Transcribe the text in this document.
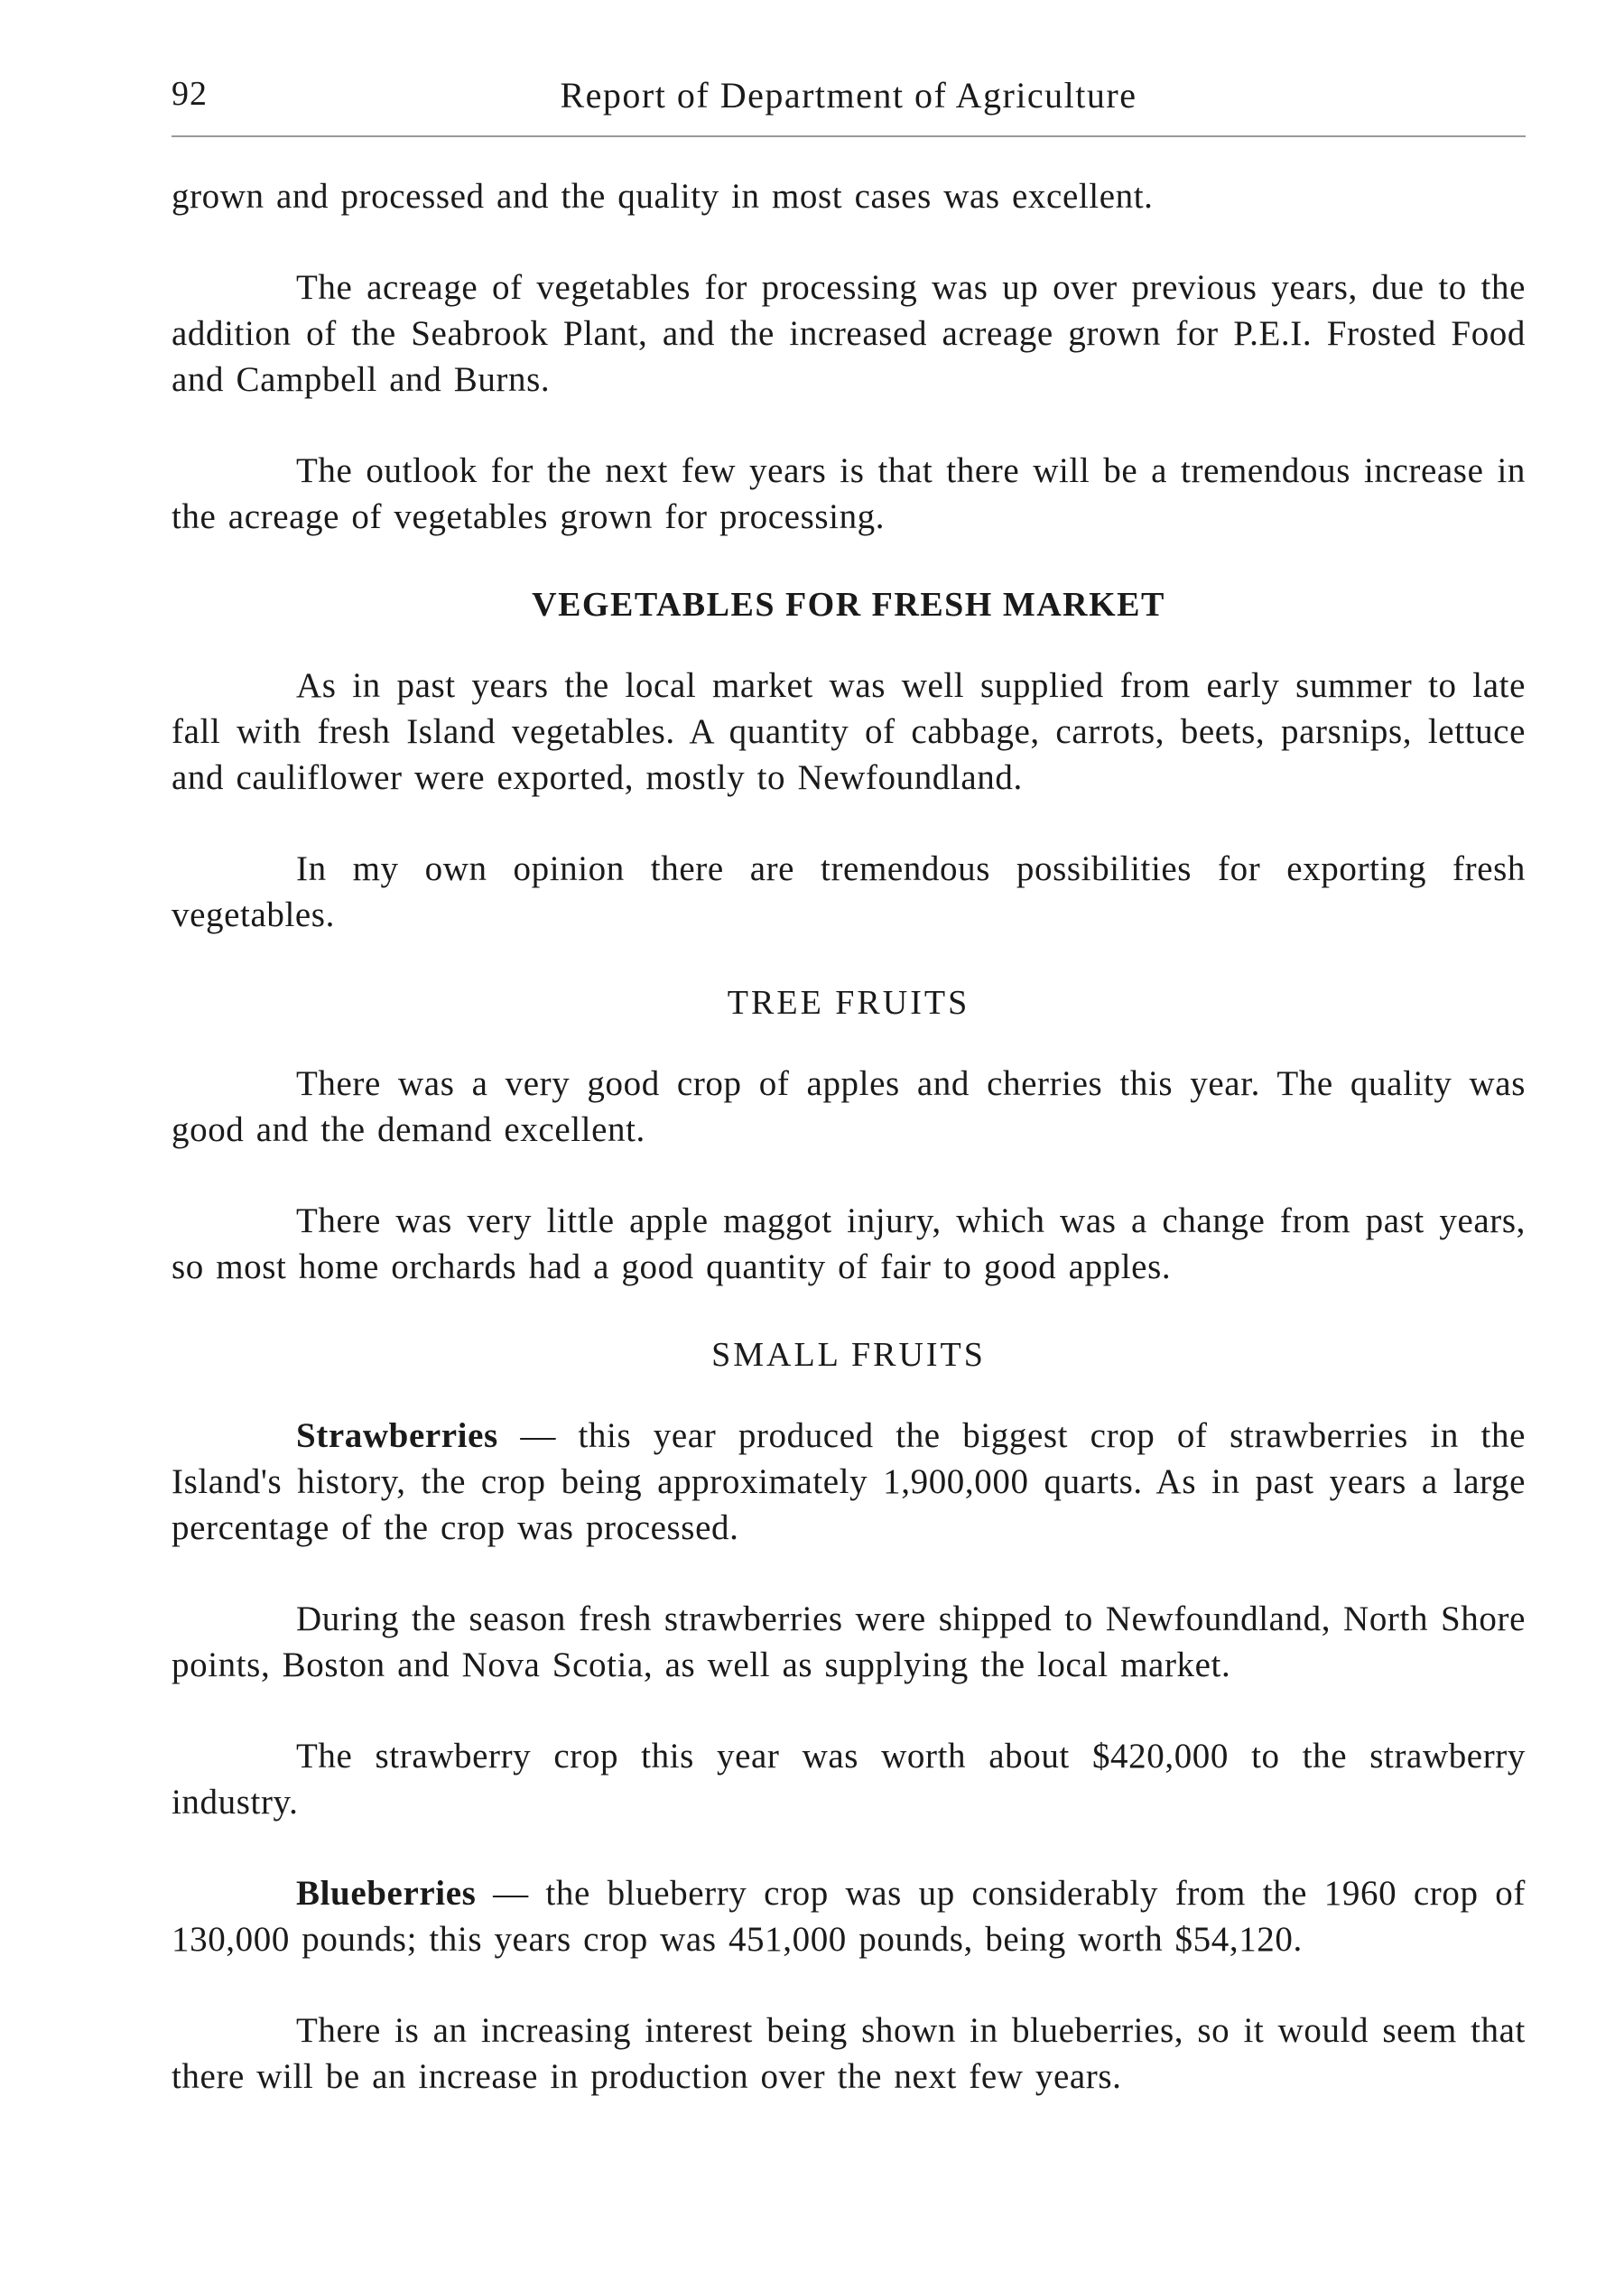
92	Report of Department of Agriculture

grown and processed and the quality in most cases was excellent.

The acreage of vegetables for processing was up over previous years, due to the addition of the Seabrook Plant, and the increased acreage grown for P.E.I. Frosted Food and Campbell and Burns.

The outlook for the next few years is that there will be a tremendous increase in the acreage of vegetables grown for processing.

VEGETABLES FOR FRESH MARKET

As in past years the local market was well supplied from early summer to late fall with fresh Island vegetables. A quantity of cabbage, carrots, beets, parsnips, lettuce and cauliflower were exported, mostly to Newfoundland.

In my own opinion there are tremendous possibilities for exporting fresh vegetables.

TREE FRUITS

There was a very good crop of apples and cherries this year. The quality was good and the demand excellent.

There was very little apple maggot injury, which was a change from past years, so most home orchards had a good quantity of fair to good apples.

SMALL FRUITS

Strawberries — this year produced the biggest crop of strawberries in the Island's history, the crop being approximately 1,900,000 quarts. As in past years a large percentage of the crop was processed.

During the season fresh strawberries were shipped to Newfoundland, North Shore points, Boston and Nova Scotia, as well as supplying the local market.

The strawberry crop this year was worth about $420,000 to the strawberry industry.

Blueberries — the blueberry crop was up considerably from the 1960 crop of 130,000 pounds; this years crop was 451,000 pounds, being worth $54,120.

There is an increasing interest being shown in blueberries, so it would seem that there will be an increase in production over the next few years.
